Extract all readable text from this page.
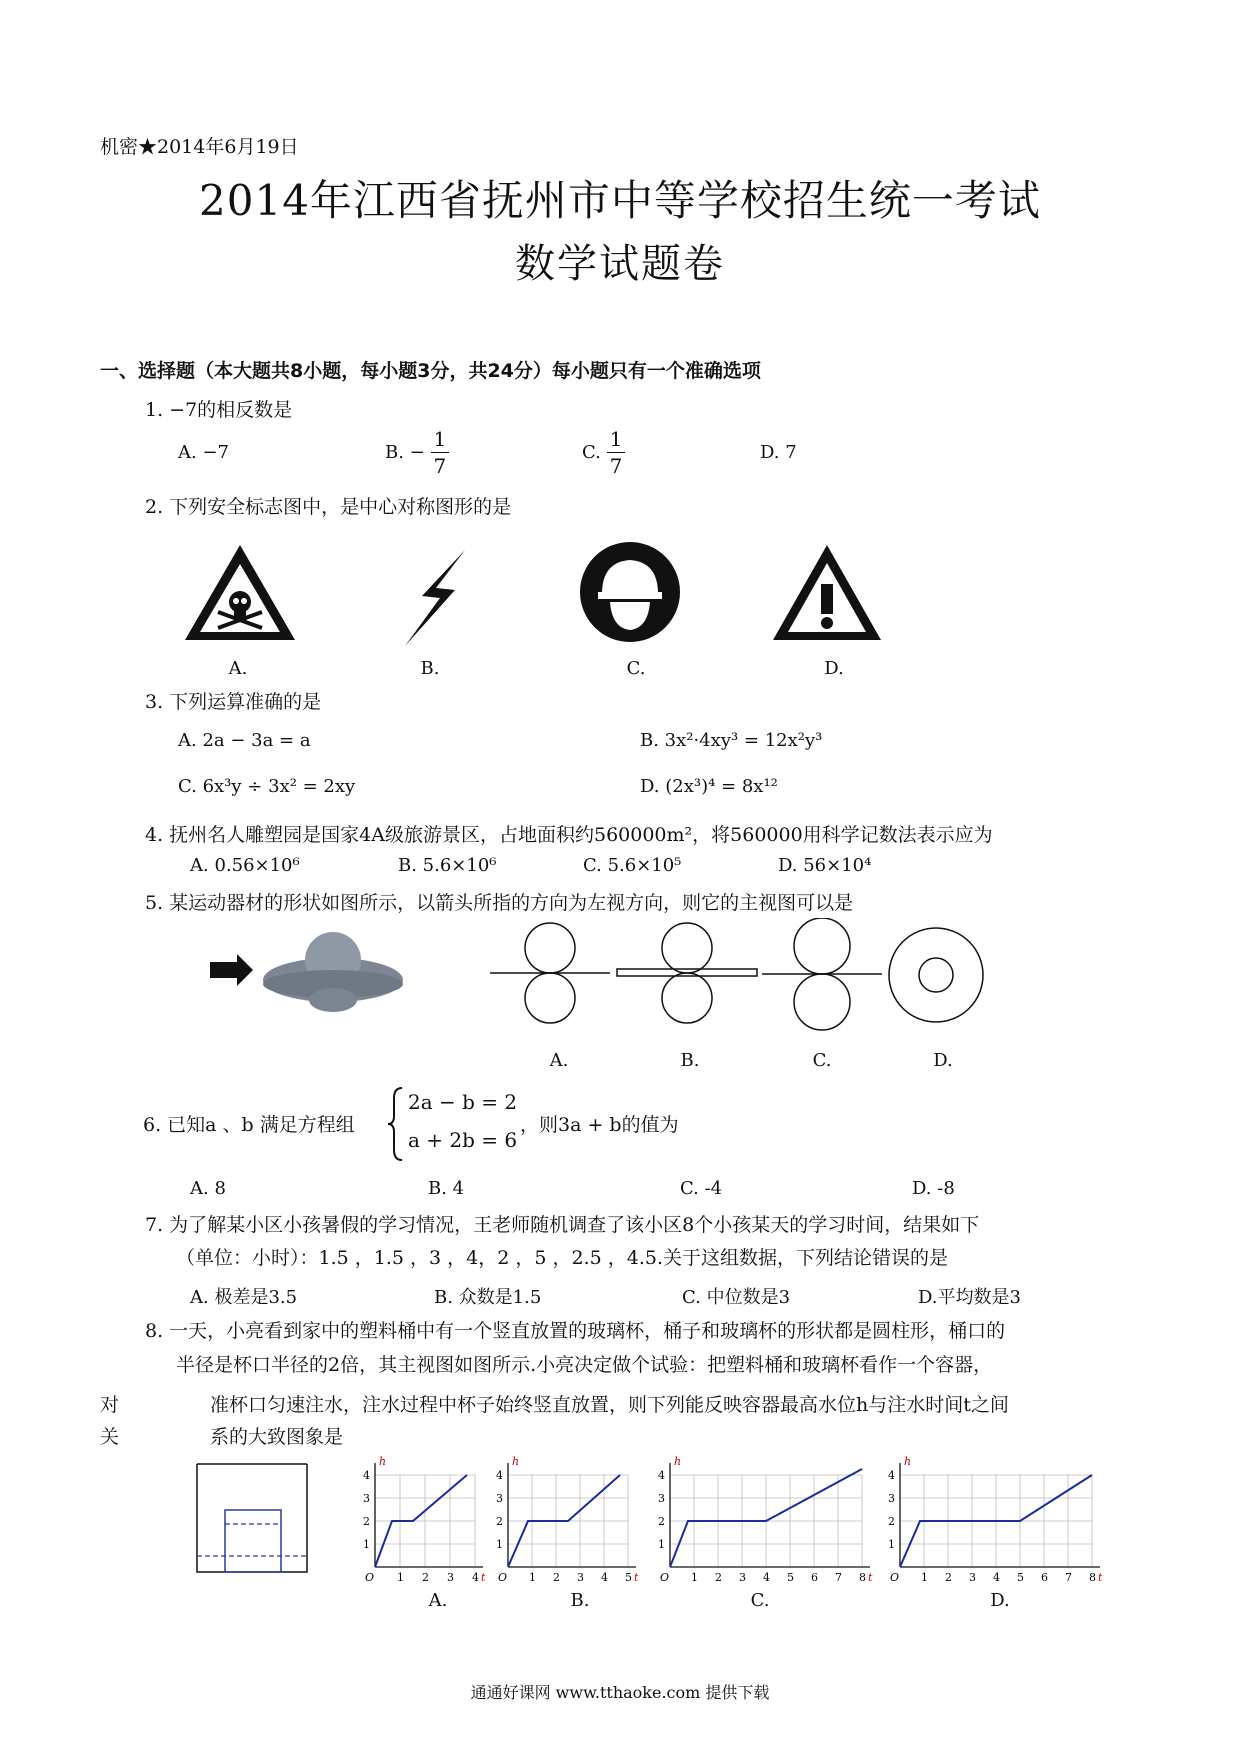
机密★2014年6月19日
2014年江西省抚州市中等学校招生统一考试
数学试题卷
一、选择题（本大题共8小题，每小题3分，共24分）每小题只有一个准确选项
1. −7的相反数是
A. −7	B. − $\frac{1}{7}$	C. $\frac{1}{7}$	D. 7
2. 下列安全标志图中，是中心对称图形的是
A.	B.	C.	D.
3. 下列运算准确的是
A. 2a − 3a = a	B. 3x²·4xy³ = 12x²y³
C. 6x³y ÷ 3x² = 2xy	D. (2x³)⁴ = 8x¹²
4. 抚州名人雕塑园是国家4A级旅游景区，占地面积约560000m²，将560000用科学记数法表示应为
A. 0.56×10⁶	B. 5.6×10⁶	C. 5.6×10⁵	D. 56×10⁴
5. 某运动器材的形状如图所示，以箭头所指的方向为左视方向，则它的主视图可以是
A.	B.	C.	D.
6. 已知a 、b 满足方程组
2a − b = 2
a + 2b = 6
，则3a + b的值为
A. 8	B. 4	C. -4	D. -8
7. 为了解某小区小孩暑假的学习情况，王老师随机调查了该小区8个小孩某天的学习时间，结果如下
（单位：小时）：1.5 ，1.5 ，3 ，4，2 ，5 ，2.5 ，4.5.关于这组数据，下列结论错误的是
A. 极差是3.5	B. 众数是1.5	C. 中位数是3	D.平均数是3
8. 一天，小亮看到家中的塑料桶中有一个竖直放置的玻璃杯，桶子和玻璃杯的形状都是圆柱形，桶口的
半径是杯口半径的2倍，其主视图如图所示.小亮决定做个试验：把塑料桶和玻璃杯看作一个容器，
对	准杯口匀速注水，注水过程中杯子始终竖直放置，则下列能反映容器最高水位h与注水时间t之间
关	系的大致图象是
O 1 2 3 4
1
2
3
4
h
t O 1 2 3 4 5
1
2
3
4
h
t O 1 2 3 4 5 6 7 8
1
2
3
4
h
t O 1 2 3 4 5 6 7 8
1
2
3
4
h
t
A.	B.	C.	D.
通通好课网 www.tthaoke.com 提供下载
